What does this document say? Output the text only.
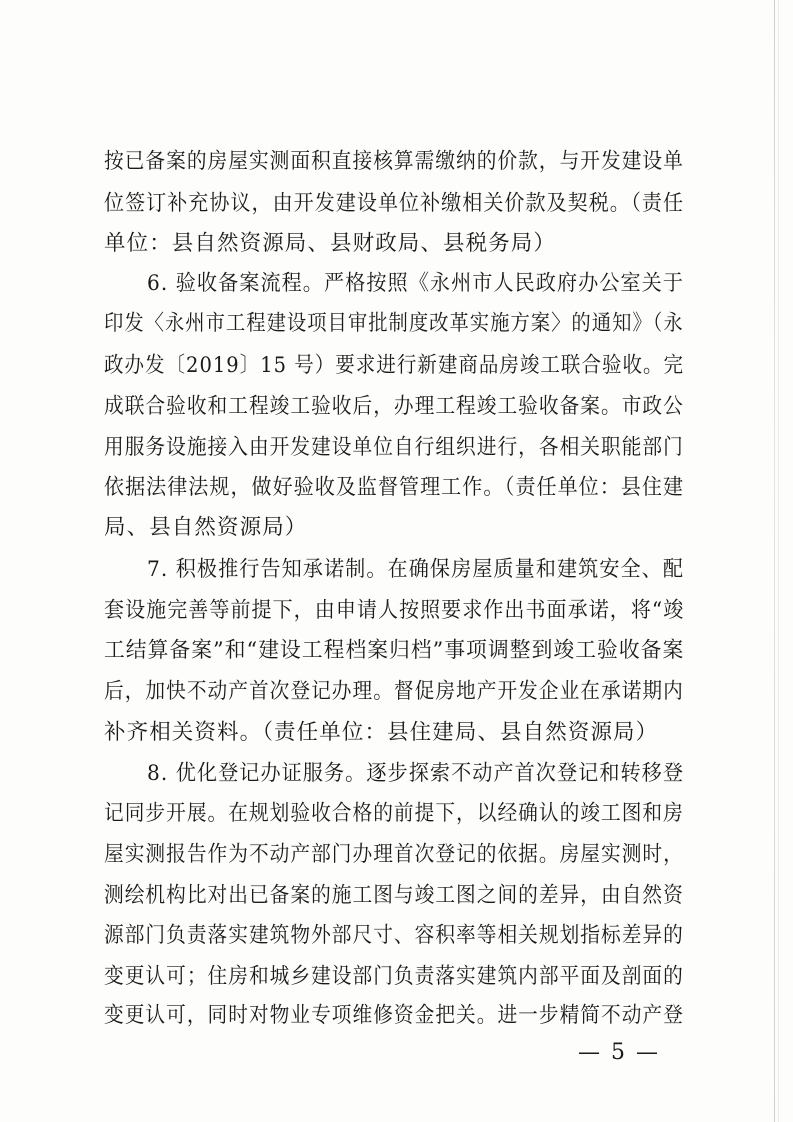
按已备案的房屋实测面积直接核算需缴纳的价款，与开发建设单
位签订补充协议，由开发建设单位补缴相关价款及契税。（责任
单位：县自然资源局、县财政局、县税务局）
6. 验收备案流程。严格按照《永州市人民政府办公室关于
印发〈永州市工程建设项目审批制度改革实施方案〉的通知》（永
政办发〔2019〕15 号）要求进行新建商品房竣工联合验收。完
成联合验收和工程竣工验收后，办理工程竣工验收备案。市政公
用服务设施接入由开发建设单位自行组织进行，各相关职能部门
依据法律法规，做好验收及监督管理工作。（责任单位：县住建
局、县自然资源局）
7. 积极推行告知承诺制。在确保房屋质量和建筑安全、配
套设施完善等前提下，由申请人按照要求作出书面承诺，将“竣
工结算备案”和“建设工程档案归档”事项调整到竣工验收备案
后，加快不动产首次登记办理。督促房地产开发企业在承诺期内
补齐相关资料。（责任单位：县住建局、县自然资源局）
8. 优化登记办证服务。逐步探索不动产首次登记和转移登
记同步开展。在规划验收合格的前提下，以经确认的竣工图和房
屋实测报告作为不动产部门办理首次登记的依据。房屋实测时，
测绘机构比对出已备案的施工图与竣工图之间的差异，由自然资
源部门负责落实建筑物外部尺寸、容积率等相关规划指标差异的
变更认可；住房和城乡建设部门负责落实建筑内部平面及剖面的
变更认可，同时对物业专项维修资金把关。进一步精简不动产登
— 5 —
